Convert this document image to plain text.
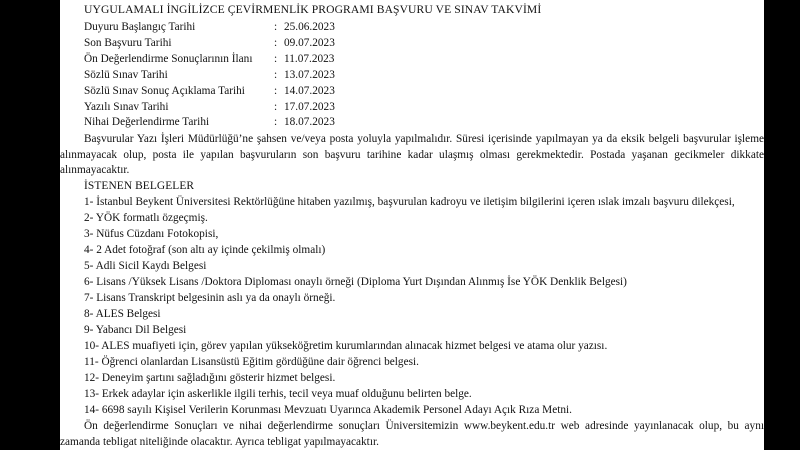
UYGULAMALI İNGİLİZCE ÇEVİRMENLİK PROGRAMI BAŞVURU VE SINAV TAKVİMİ
Duyuru Başlangıç Tarihi	: 25.06.2023
Son Başvuru Tarihi	: 09.07.2023
Ön Değerlendirme Sonuçlarının İlanı : 11.07.2023
Sözlü Sınav Tarihi	: 13.07.2023
Sözlü Sınav Sonuç Açıklama Tarihi	: 14.07.2023
Yazılı Sınav Tarihi	: 17.07.2023
Nihai Değerlendirme Tarihi	: 18.07.2023
Başvurular Yazı İşleri Müdürlüğü’ne şahsen ve/veya posta yoluyla yapılmalıdır. Süresi içerisinde yapılmayan ya da eksik belgeli başvurular işleme
alınmayacak olup, posta ile yapılan başvuruların son başvuru tarihine kadar ulaşmış olması gerekmektedir. Postada yaşanan gecikmeler dikkate
alınmayacaktır.
İSTENEN BELGELER
1- İstanbul Beykent Üniversitesi Rektörlüğüne hitaben yazılmış, başvurulan kadroyu ve iletişim bilgilerini içeren ıslak imzalı başvuru dilekçesi,
2- YÖK formatlı özgeçmiş.
3- Nüfus Cüzdanı Fotokopisi,
4- 2 Adet fotoğraf (son altı ay içinde çekilmiş olmalı)
5- Adli Sicil Kaydı Belgesi
6- Lisans /Yüksek Lisans /Doktora Diploması onaylı örneği (Diploma Yurt Dışından Alınmış İse YÖK Denklik Belgesi)
7- Lisans Transkript belgesinin aslı ya da onaylı örneği.
8- ALES Belgesi
9- Yabancı Dil Belgesi
10- ALES muafiyeti için, görev yapılan yükseköğretim kurumlarından alınacak hizmet belgesi ve atama olur yazısı.
11- Öğrenci olanlardan Lisansüstü Eğitim gördüğüne dair öğrenci belgesi.
12- Deneyim şartını sağladığını gösterir hizmet belgesi.
13- Erkek adaylar için askerlikle ilgili terhis, tecil veya muaf olduğunu belirten belge.
14- 6698 sayılı Kişisel Verilerin Korunması Mevzuatı Uyarınca Akademik Personel Adayı Açık Rıza Metni.
Ön değerlendirme Sonuçları ve nihai değerlendirme sonuçları Üniversitemizin www.beykent.edu.tr web adresinde yayınlanacak olup, bu aynı
zamanda tebligat niteliğinde olacaktır. Ayrıca tebligat yapılmayacaktır.
